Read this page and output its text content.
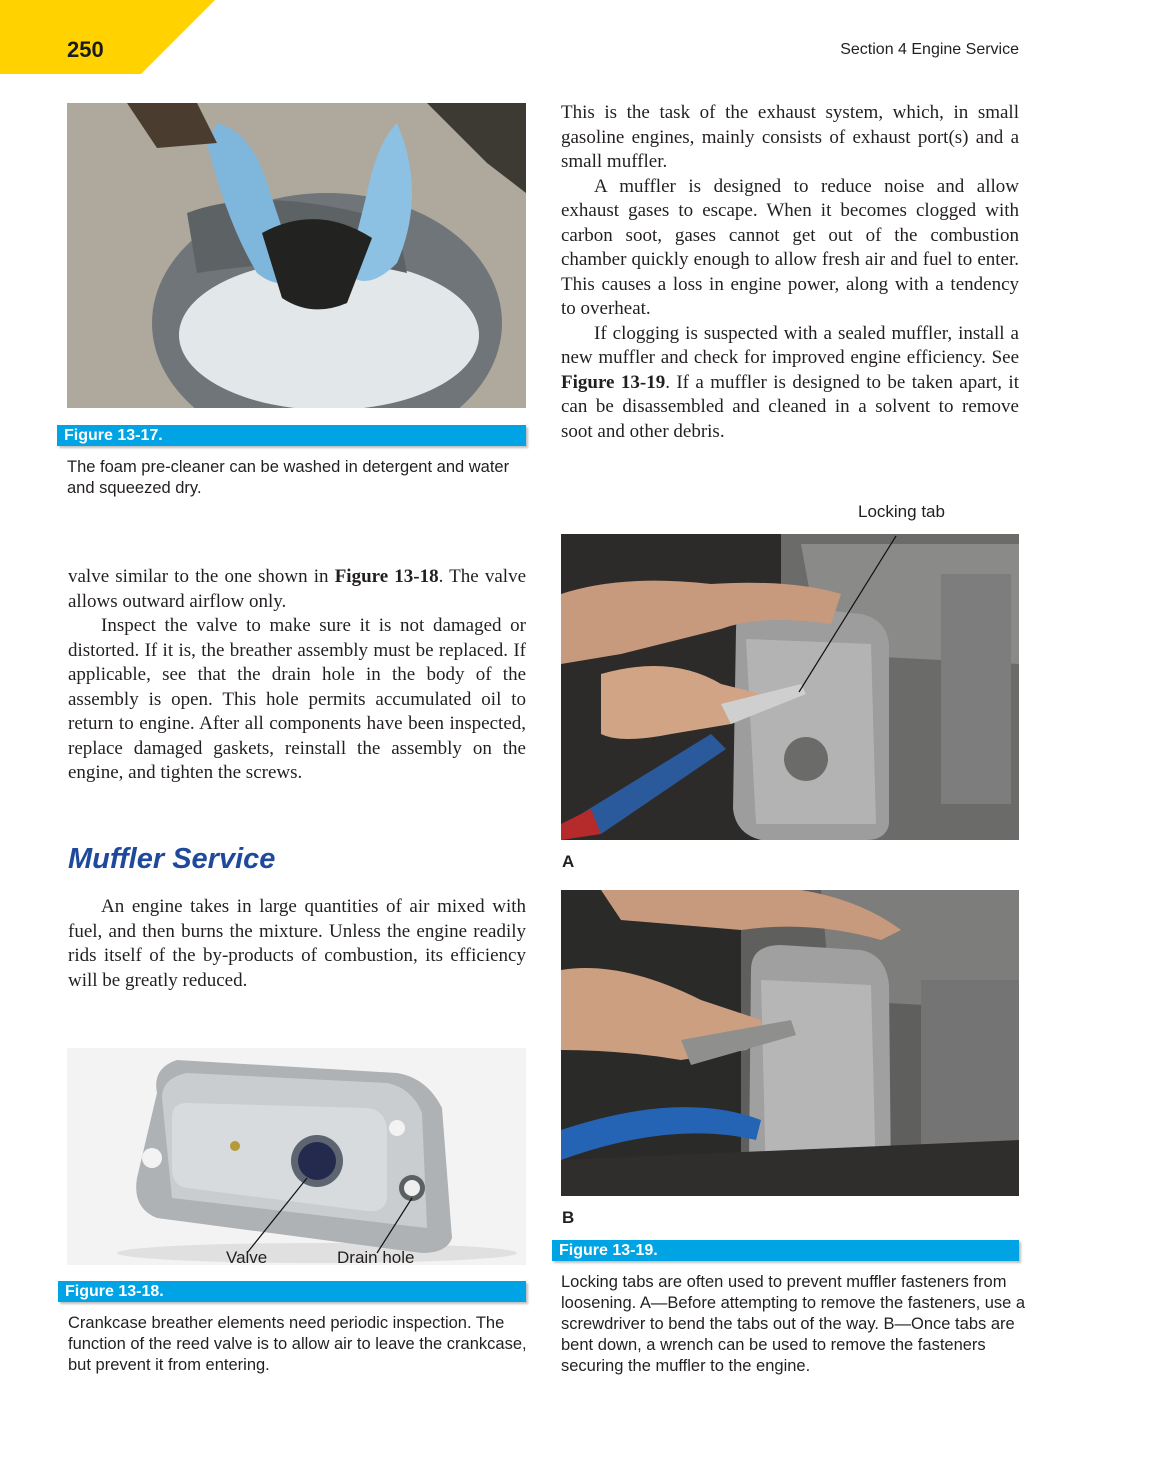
250	Section 4 Engine Service
Figure 13-17.
The foam pre-cleaner can be washed in detergent and water and squeezed dry.

This is the task of the exhaust system, which, in small gasoline engines, mainly consists of exhaust port(s) and a small muffler.

A muffler is designed to reduce noise and allow exhaust gases to escape. When it becomes clogged with carbon soot, gases cannot get out of the combustion chamber quickly enough to allow fresh air and fuel to enter. This causes a loss in engine power, along with a tendency to overheat.

If clogging is suspected with a sealed muffler, install a new muffler and check for improved engine efficiency. See Figure 13-19. If a muffler is designed to be taken apart, it can be disassembled and cleaned in a solvent to remove soot and other debris.

valve similar to the one shown in Figure 13-18. The valve allows outward airflow only.

Inspect the valve to make sure it is not damaged or distorted. If it is, the breather assembly must be replaced. If applicable, see that the drain hole in the body of the assembly is open. This hole permits accumulated oil to return to engine. After all components have been inspected, replace damaged gaskets, reinstall the assembly on the engine, and tighten the screws.

Muffler Service

An engine takes in large quantities of air mixed with fuel, and then burns the mixture. Unless the engine readily rids itself of the by-products of combustion, its efficiency will be greatly reduced.

Valve	Drain hole
Figure 13-18.
Crankcase breather elements need periodic inspection. The function of the reed valve is to allow air to leave the crankcase, but prevent it from entering.
Locking tab
A
B
Figure 13-19.
Locking tabs are often used to prevent muffler fasteners from loosening. A—Before attempting to remove the fasteners, use a screwdriver to bend the tabs out of the way. B—Once tabs are bent down, a wrench can be used to remove the fasteners securing the muffler to the engine.
